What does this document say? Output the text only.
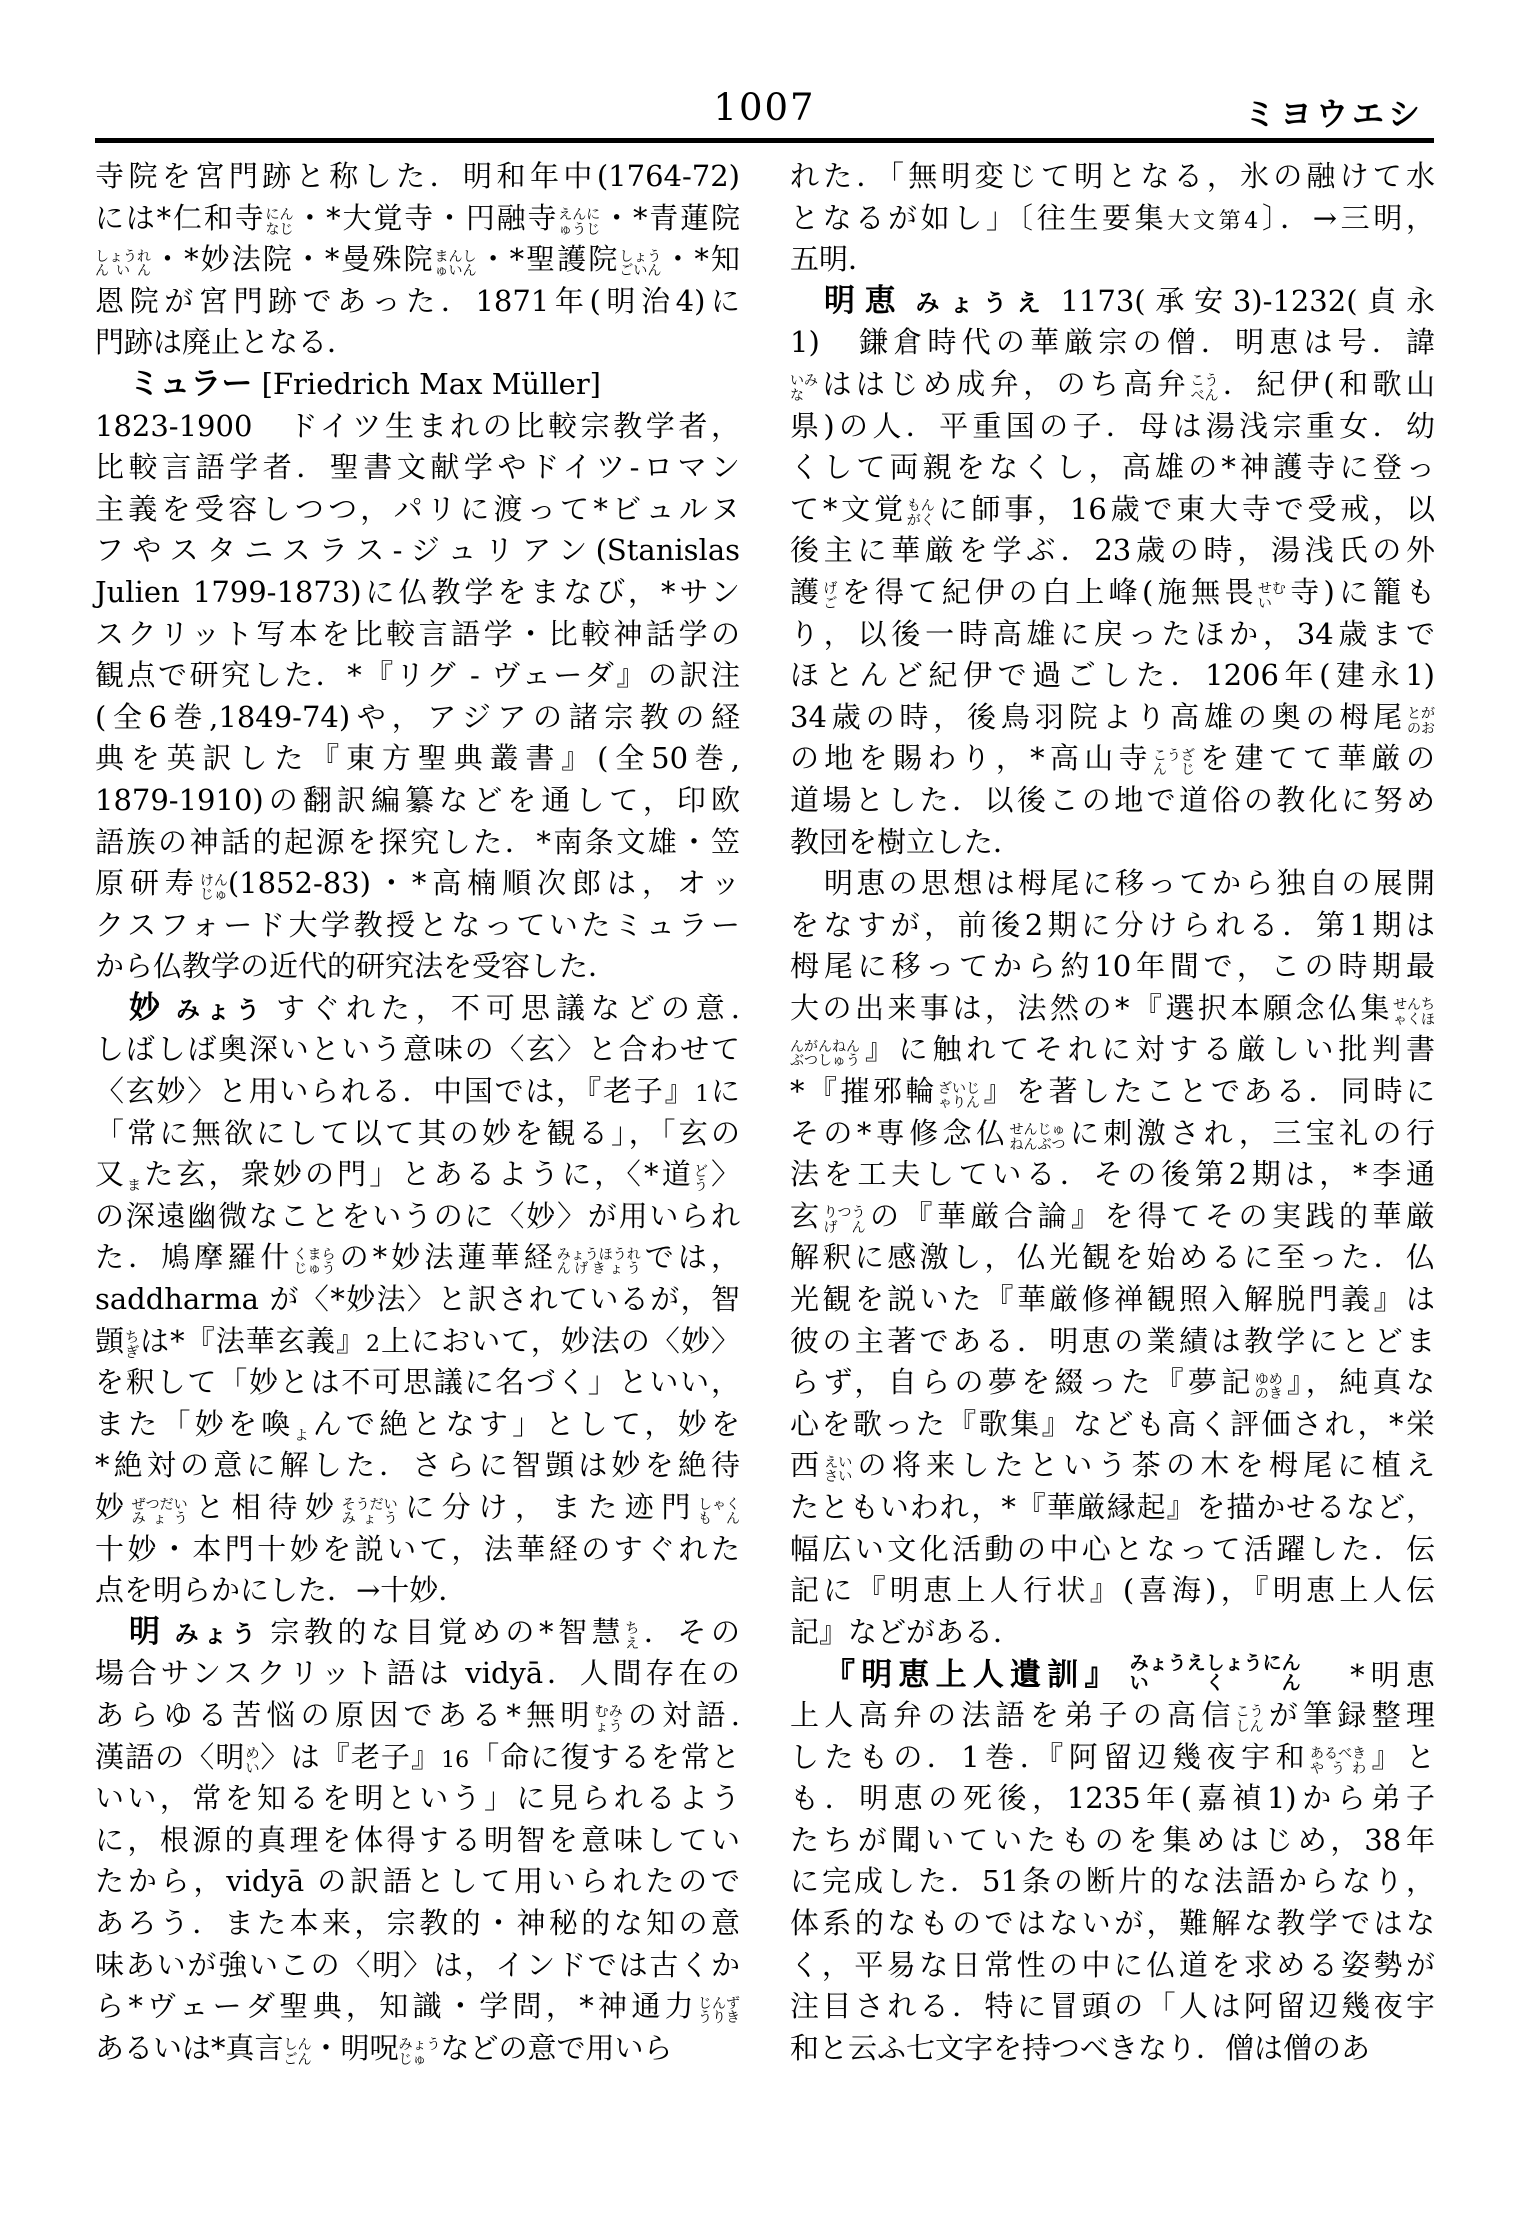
1007	ミヨウエシ
寺院を宮門跡と称した．明和年中(1764-72)
には*仁和寺 にん
なじ ・*大覚寺・円融寺 えんに
ゅうじ ・*青蓮院
しょうれ
んいん ・*妙法院・*曼殊院 まんし
ゅいん ・*聖護院 しょう
ごいん ・*知
恩院が宮門跡であった．1871年(明治4)に
門跡は廃止となる．
ミュラー [Friedrich Max Müller]
1823-1900　ドイツ生まれの比較宗教学者，
比較言語学者．聖書文献学やドイツ-ロマン
主義を受容しつつ，パリに渡って*ビュルヌ
フやスタニスラス-ジュリアン(Stanislas
Julien 1799-1873)に仏教学をまなび，*サン
スクリット写本を比較言語学・比較神話学の
観点で研究した．*『リグ - ヴェーダ』の訳注
(全6巻,1849-74)や，アジアの諸宗教の経
典を英訳した『東方聖典叢書』(全50巻,
1879-1910)の翻訳編纂などを通して，印欧
語族の神話的起源を探究した．*南条文雄・笠
原研寿 けん
じゅ (1852-83)・*高楠順次郎は，オッ
クスフォード大学教授となっていたミュラー
から仏教学の近代的研究法を受容した．
妙 みょう すぐれた，不可思議などの意.
しばしば奥深いという意味の〈玄〉と合わせて
〈玄妙〉と用いられる．中国では，『老子』1に
「常に無欲にして以て其の妙を観る」，「玄の
又 ま た玄，衆妙の門」とあるように，〈*道 ど
う 〉
の深遠幽微なことをいうのに〈妙〉が用いられ
た．鳩摩羅什 くまら
じゅう の*妙法蓮華経 みょうほうれ
んげきょう では，
saddharma が〈*妙法〉と訳されているが，智
顗 ち
ぎ は*『法華玄義』2上において，妙法の〈妙〉
を釈して「妙とは不可思議に名づく」といい，
また「妙を喚 よ んで絶となす」として，妙を
*絶対の意に解した．さらに智顗は妙を絶待
妙 ぜつだい
みょう と相待妙 そうだい
みょう に分け，また迹門 しゃく
もん
十妙・本門十妙を説いて，法華経のすぐれた
点を明らかにした．→十妙．
明 みょう 宗教的な目覚めの*智慧 ち
え ．その
場合サンスクリット語は vidyā．人間存在の
あらゆる苦悩の原因である*無明 むみ
ょう の対語.
漢語の〈明 め
い 〉は『老子』16「命に復するを常と
いい，常を知るを明という」に見られるよう
に，根源的真理を体得する明智を意味してい
たから，vidyā の訳語として用いられたので
あろう．また本来，宗教的・神秘的な知の意
味あいが強いこの〈明〉は，インドでは古くか
ら*ヴェーダ聖典，知識・学問，*神通力 じんず
うりき
あるいは*真言 しん
ごん ・明呪 みょう
じゅ などの意で用いら
れた．「無明変じて明となる，氷の融けて水
となるが如し」〔往生要集大文第4〕．→三明，
五明．
明恵 みょうえ 1173(承安3)-1232(貞永
1)　鎌倉時代の華厳宗の僧．明恵は号．諱
いみ
な ははじめ成弁，のち高弁 こう
べん ．紀伊(和歌山
県)の人．平重国の子．母は湯浅宗重女．幼
くして両親をなくし，高雄の*神護寺に登っ
て*文覚 もん
がく に師事，16歳で東大寺で受戒，以
後主に華厳を学ぶ．23歳の時，湯浅氏の外
護 げ
ご を得て紀伊の白上峰(施無畏 せむ
い 寺)に籠も
り，以後一時高雄に戻ったほか，34歳まで
ほとんど紀伊で過ごした．1206年(建永1)
34歳の時，後鳥羽院より高雄の奥の栂尾 とが
のお
の地を賜わり，*高山寺 こうざ
んじ を建てて華厳の
道場とした．以後この地で道俗の教化に努め
教団を樹立した．
明恵の思想は栂尾に移ってから独自の展開
をなすが，前後2期に分けられる．第1期は
栂尾に移ってから約10年間で，この時期最
大の出来事は，法然の*『選択本願念仏集 せんち
ゃくほ
んがんねん
ぶつしゅう 』に触れてそれに対する厳しい批判書
*『摧邪輪 ざいじ
ゃりん 』を著したことである．同時に
その*専修念仏 せんじゅ
ねんぶつ に刺激され，三宝礼の行
法を工夫している．その後第2期は，*李通
玄 りつう
げん の『華厳合論』を得てその実践的華厳
解釈に感激し，仏光観を始めるに至った．仏
光観を説いた『華厳修禅観照入解脱門義』は
彼の主著である．明恵の業績は教学にとどま
らず，自らの夢を綴った『夢記 ゆめ
のき 』，純真な
心を歌った『歌集』なども高く評価され，*栄
西 えい
さい の将来したという茶の木を栂尾に植え
たともいわれ，*『華厳縁起』を描かせるなど，
幅広い文化活動の中心となって活躍した．伝
記に『明恵上人行状』(喜海)，『明恵上人伝
記』などがある．
『明恵上人遺訓』 みょうえしょうにん
いくん 　*明恵
上人高弁の法語を弟子の高信 こう
しん が筆録整理
したもの．1巻.『阿留辺幾夜宇和 あるべき
やうわ 』と
も．明恵の死後，1235年(嘉禎1)から弟子
たちが聞いていたものを集めはじめ，38年
に完成した．51条の断片的な法語からなり，
体系的なものではないが，難解な教学ではな
く，平易な日常性の中に仏道を求める姿勢が
注目される．特に冒頭の「人は阿留辺幾夜宇
和と云ふ七文字を持つべきなり．僧は僧のあ
